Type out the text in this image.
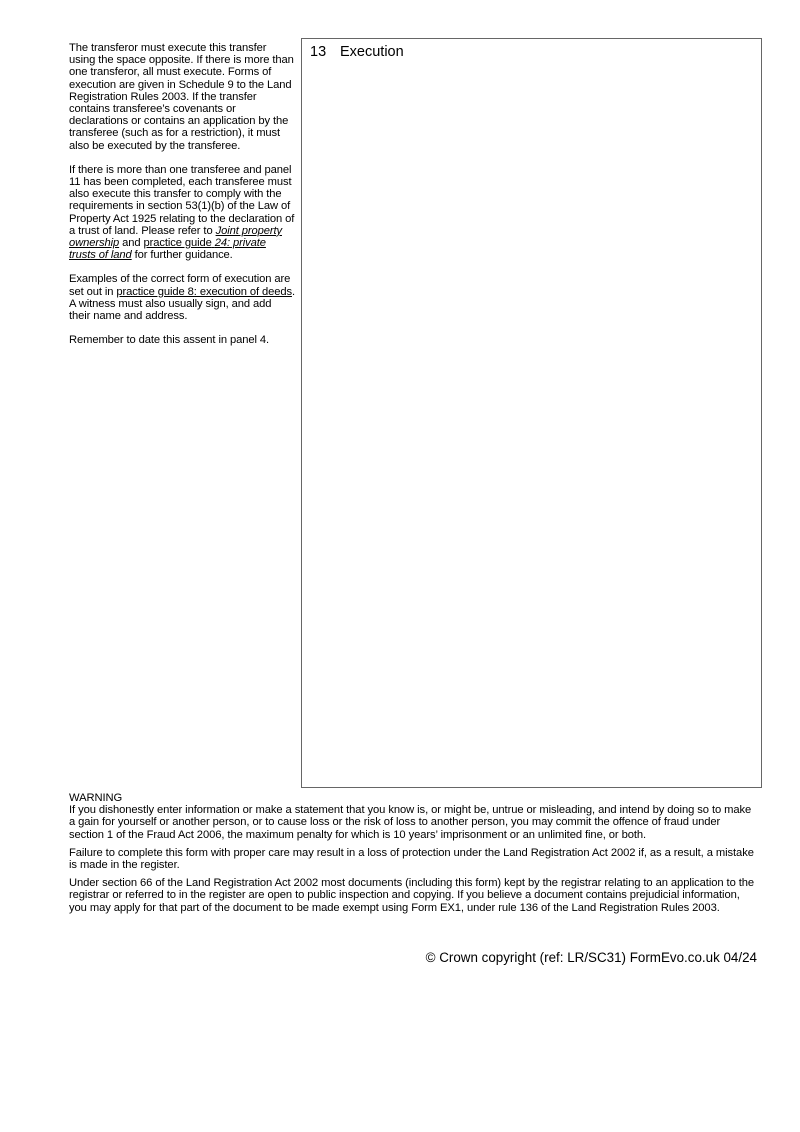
The transferor must execute this transfer using the space opposite. If there is more than one transferor, all must execute. Forms of execution are given in Schedule 9 to the Land Registration Rules 2003. If the transfer contains transferee’s covenants or declarations or contains an application by the transferee (such as for a restriction), it must also be executed by the transferee.

If there is more than one transferee and panel 11 has been completed, each transferee must also execute this transfer to comply with the requirements in section 53(1)(b) of the Law of Property Act 1925 relating to the declaration of a trust of land. Please refer to Joint property ownership and practice guide 24: private trusts of land for further guidance.

Examples of the correct form of execution are set out in practice guide 8: execution of deeds. A witness must also usually sign, and add their name and address.

Remember to date this assent in panel 4.

13 Execution

WARNING
If you dishonestly enter information or make a statement that you know is, or might be, untrue or misleading, and intend by doing so to make a gain for yourself or another person, or to cause loss or the risk of loss to another person, you may commit the offence of fraud under section 1 of the Fraud Act 2006, the maximum penalty for which is 10 years’ imprisonment or an unlimited fine, or both.

Failure to complete this form with proper care may result in a loss of protection under the Land Registration Act 2002 if, as a result, a mistake is made in the register.

Under section 66 of the Land Registration Act 2002 most documents (including this form) kept by the registrar relating to an application to the registrar or referred to in the register are open to public inspection and copying. If you believe a document contains prejudicial information, you may apply for that part of the document to be made exempt using Form EX1, under rule 136 of the Land Registration Rules 2003.

© Crown copyright (ref: LR/SC31) FormEvo.co.uk 04/24
